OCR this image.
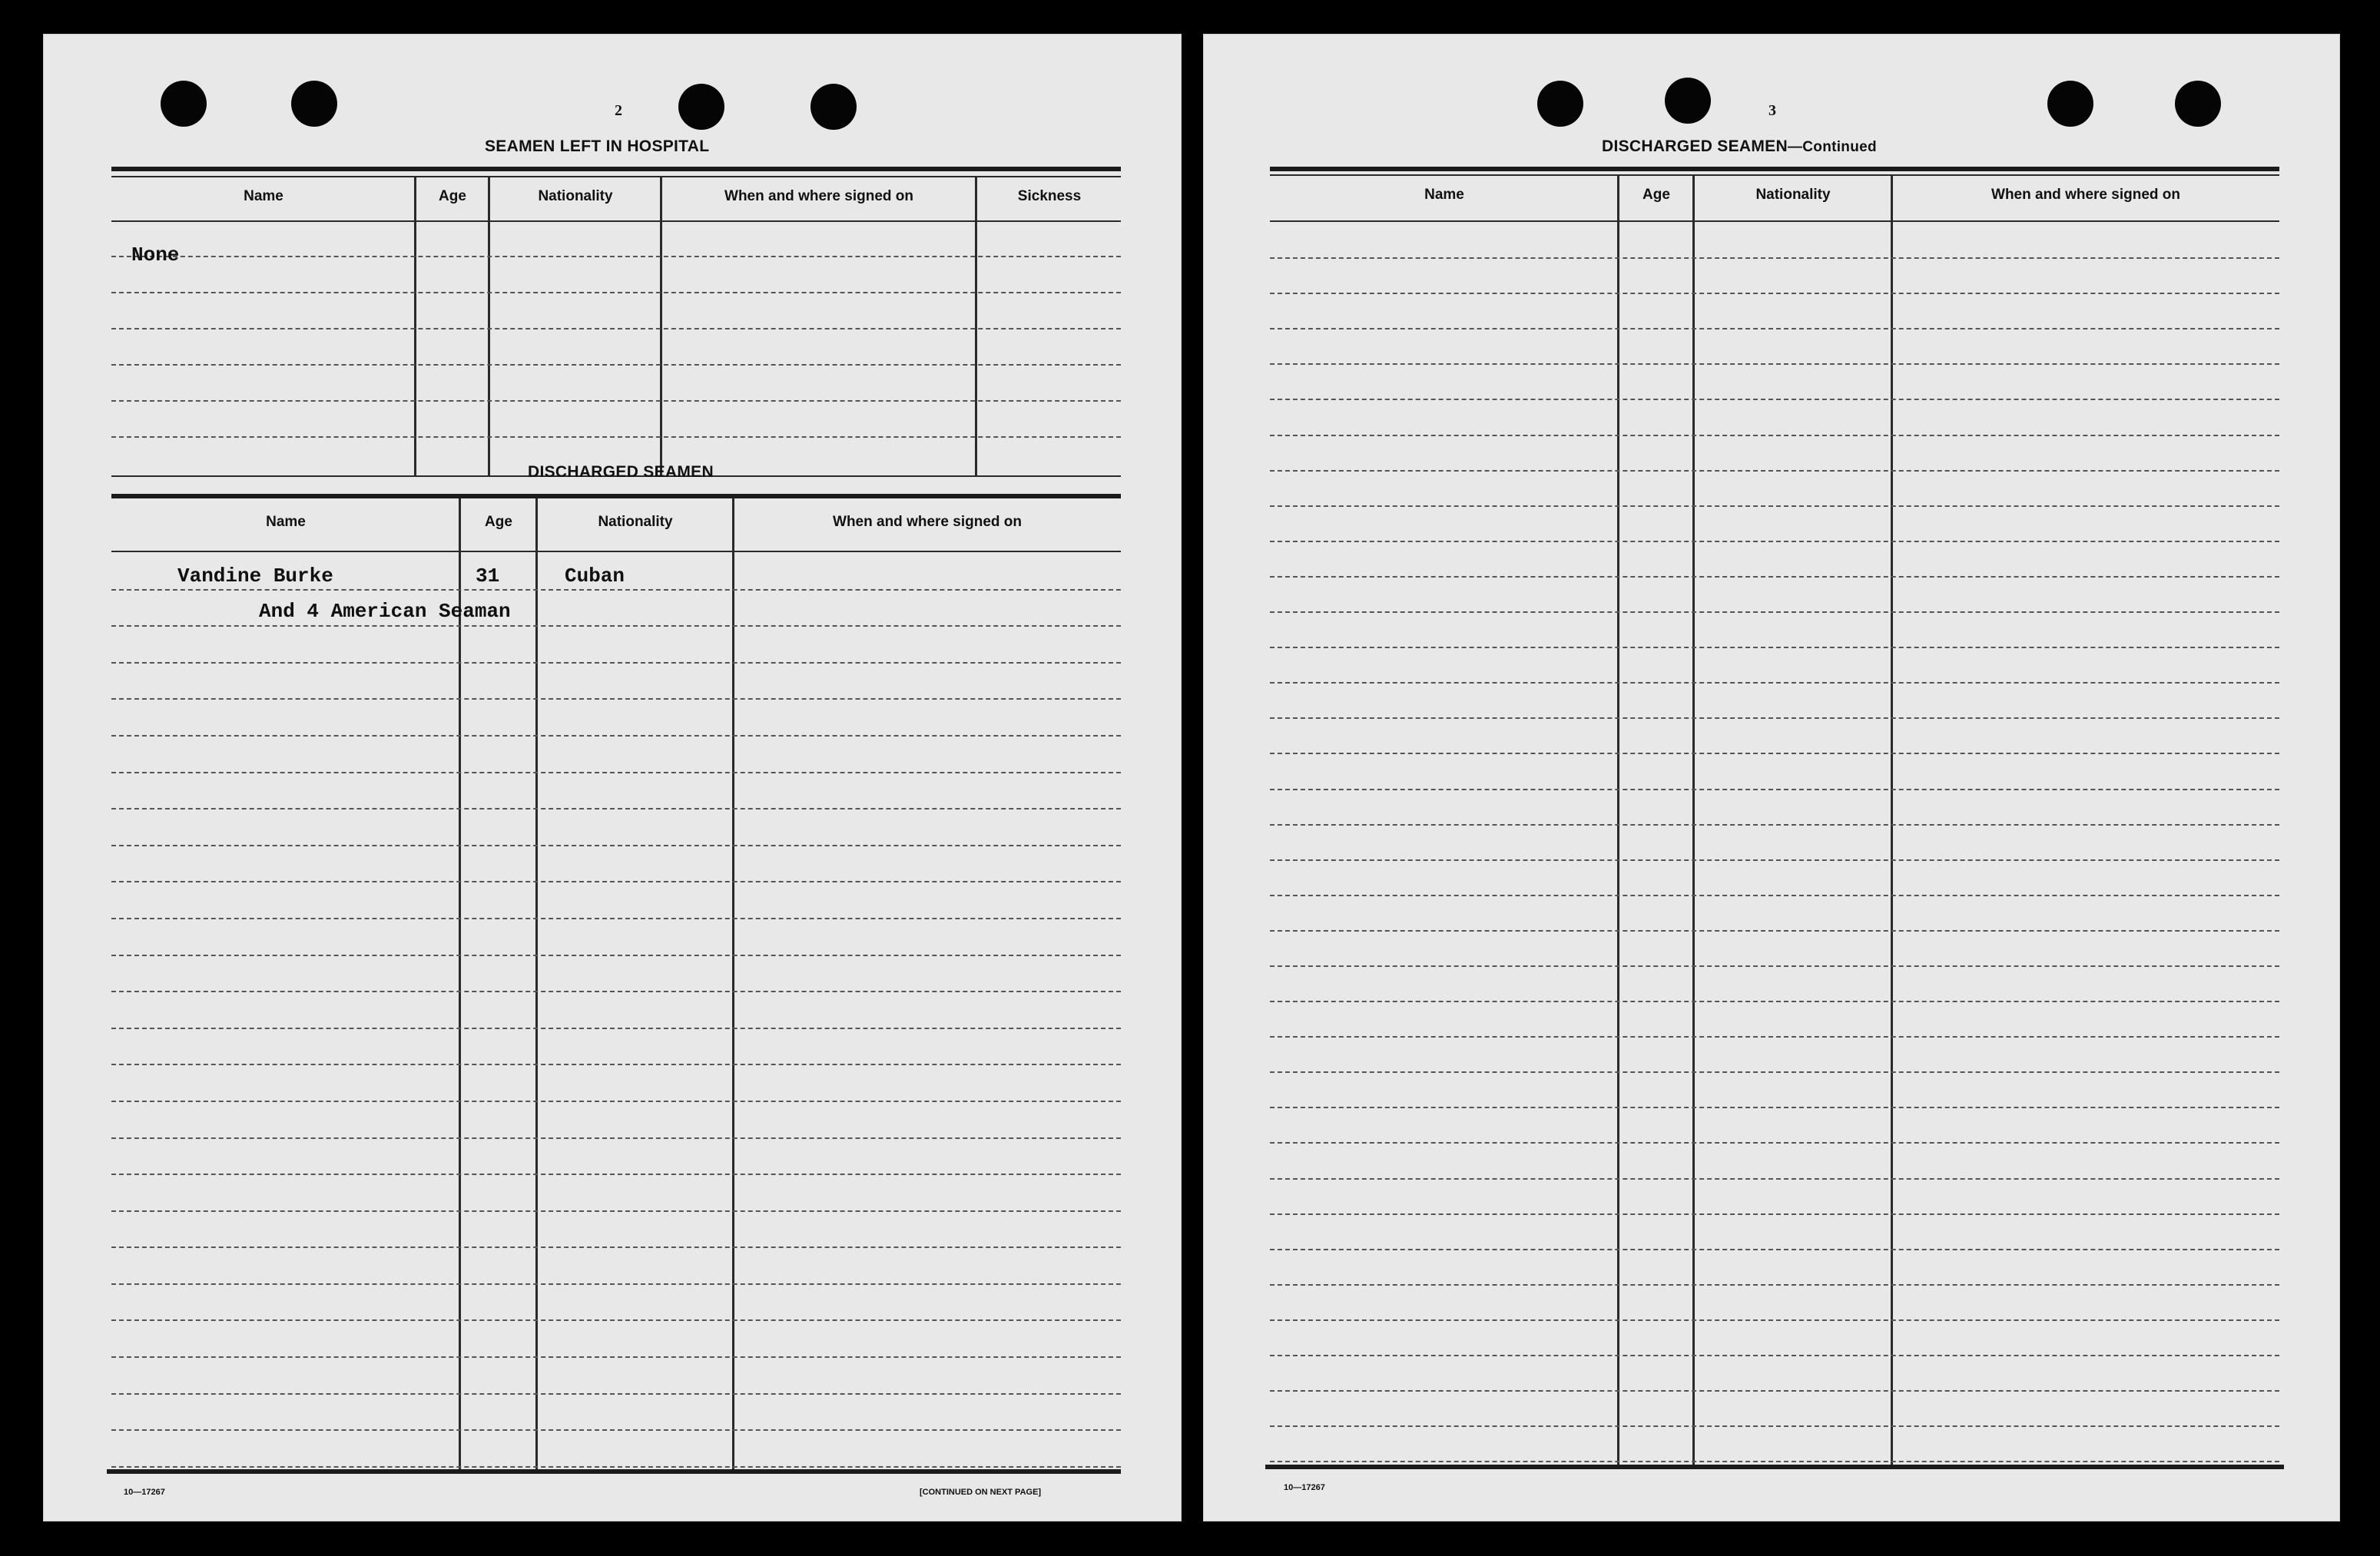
2
SEAMEN LEFT IN HOSPITAL
Name	Age	Nationality	When and where signed on	Sickness
None
DISCHARGED SEAMEN
Name	Age	Nationality	When and where signed on
Vandine Burke	31	Cuban
And 4 American Seaman
10—17267	[CONTINUED ON NEXT PAGE]
3
DISCHARGED SEAMEN—Continued
Name	Age	Nationality	When and where signed on
10—17267
